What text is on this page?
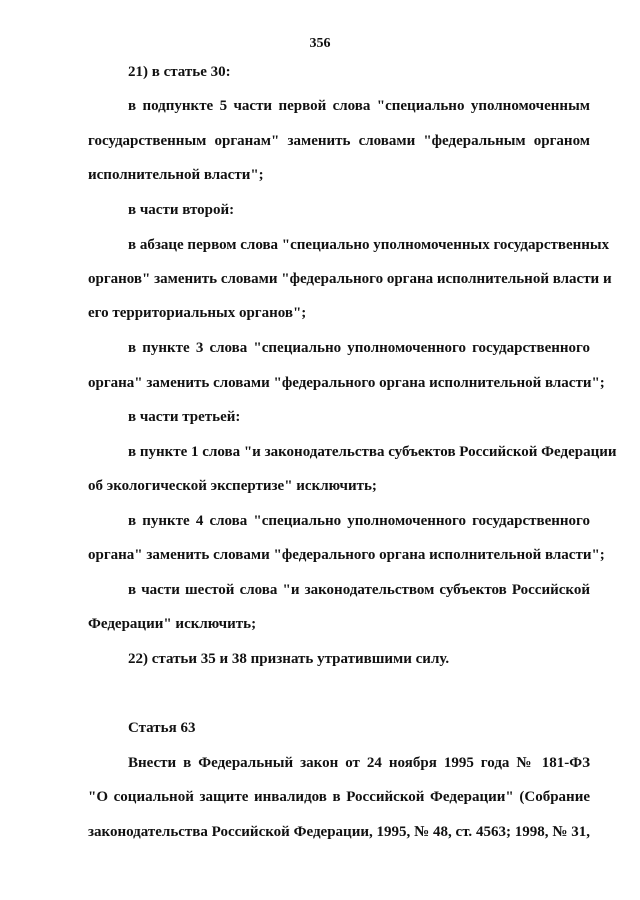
356
21) в статье 30:
в подпункте 5 части первой слова "специально уполномоченным
государственным органам" заменить словами "федеральным органом
исполнительной власти";
в части второй:
в абзаце первом слова "специально уполномоченных государственных
органов" заменить словами "федерального органа исполнительной власти и
его территориальных органов";
в пункте 3 слова "специально уполномоченного государственного
органа" заменить словами "федерального органа исполнительной власти";
в части третьей:
в пункте 1 слова "и законодательства субъектов Российской Федерации
об экологической экспертизе" исключить;
в пункте 4 слова "специально уполномоченного государственного
органа" заменить словами "федерального органа исполнительной власти";
в части шестой слова "и законодательством субъектов Российской
Федерации" исключить;
22) статьи 35 и 38 признать утратившими силу.
Статья 63
Внести в Федеральный закон от 24 ноября 1995 года № 181-ФЗ
"О социальной защите инвалидов в Российской Федерации" (Собрание
законодательства Российской Федерации, 1995, № 48, ст. 4563; 1998, № 31,
